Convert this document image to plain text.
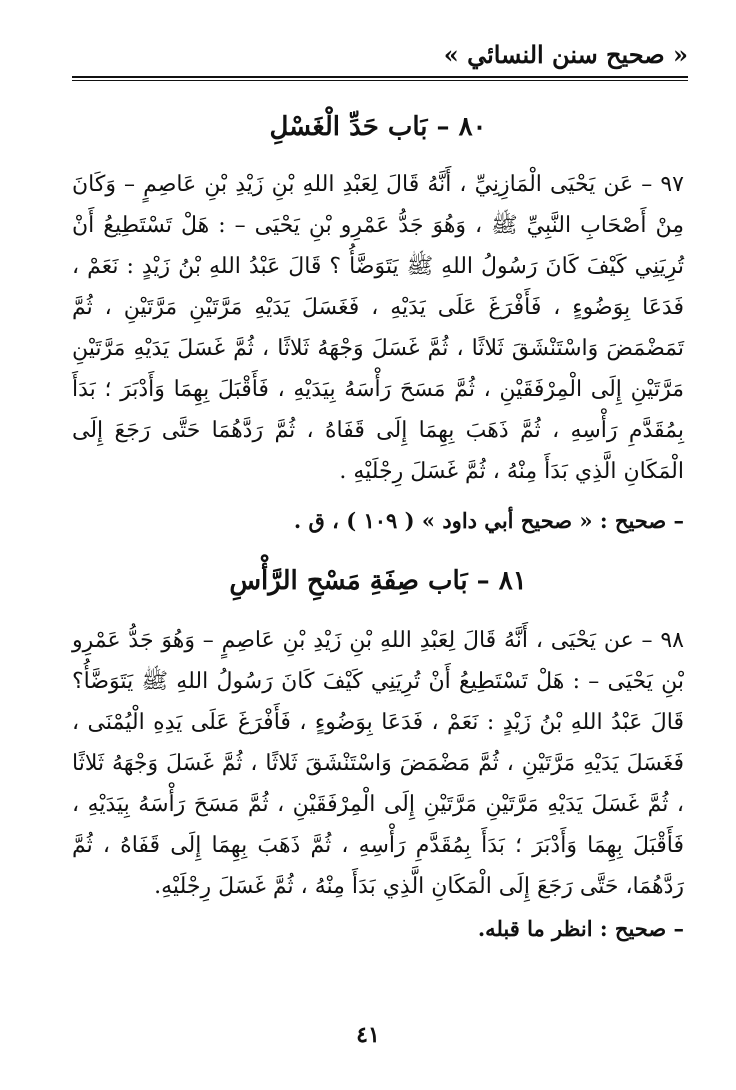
« صحيح سنن النسائي »
٨٠ – بَاب حَدِّ الْغَسْلِ

٩٧ – عَن يَحْيَى الْمَازِنِيِّ ، أَنَّهُ قَالَ لِعَبْدِ اللهِ بْنِ زَيْدِ بْنِ عَاصِمٍ – وَكَانَ مِنْ أَصْحَابِ النَّبِيِّ ﷺ ، وَهُوَ جَدُّ عَمْرِو بْنِ يَحْيَى – : هَلْ تَسْتَطِيعُ أَنْ تُرِيَنِي كَيْفَ كَانَ رَسُولُ اللهِ ﷺ يَتَوَضَّأُ ؟ قَالَ عَبْدُ اللهِ بْنُ زَيْدٍ : نَعَمْ ، فَدَعَا بِوَضُوءٍ ، فَأَفْرَغَ عَلَى يَدَيْهِ ، فَغَسَلَ يَدَيْهِ مَرَّتَيْنِ مَرَّتَيْنِ ، ثُمَّ تَمَضْمَضَ وَاسْتَنْشَقَ ثَلاثًا ، ثُمَّ غَسَلَ وَجْهَهُ ثَلاثًا ، ثُمَّ غَسَلَ يَدَيْهِ مَرَّتَيْنِ مَرَّتَيْنِ إِلَى الْمِرْفَقَيْنِ ، ثُمَّ مَسَحَ رَأْسَهُ بِيَدَيْهِ ، فَأَقْبَلَ بِهِمَا وَأَدْبَرَ ؛ بَدَأَ بِمُقَدَّمِ رَأْسِهِ ، ثُمَّ ذَهَبَ بِهِمَا إِلَى قَفَاهُ ، ثُمَّ رَدَّهُمَا حَتَّى رَجَعَ إِلَى الْمَكَانِ الَّذِي بَدَأَ مِنْهُ ، ثُمَّ غَسَلَ رِجْلَيْهِ .

– صحيح : « صحيح أبي داود » ( ١٠٩ ) ، ق .
٨١ – بَاب صِفَةِ مَسْحِ الرَّأْسِ

٩٨ – عن يَحْيَى ، أَنَّهُ قَالَ لِعَبْدِ اللهِ بْنِ زَيْدِ بْنِ عَاصِمٍ – وَهُوَ جَدُّ عَمْرِو بْنِ يَحْيَى – : هَلْ تَسْتَطِيعُ أَنْ تُرِيَنِي كَيْفَ كَانَ رَسُولُ اللهِ ﷺ يَتَوَضَّأُ؟ قَالَ عَبْدُ اللهِ بْنُ زَيْدٍ : نَعَمْ ، فَدَعَا بِوَضُوءٍ ، فَأَفْرَغَ عَلَى يَدِهِ الْيُمْنَى ، فَغَسَلَ يَدَيْهِ مَرَّتَيْنِ ، ثُمَّ مَضْمَضَ وَاسْتَنْشَقَ ثَلاثًا ، ثُمَّ غَسَلَ وَجْهَهُ ثَلاثًا ، ثُمَّ غَسَلَ يَدَيْهِ مَرَّتَيْنِ مَرَّتَيْنِ إِلَى الْمِرْفَقَيْنِ ، ثُمَّ مَسَحَ رَأْسَهُ بِيَدَيْهِ ، فَأَقْبَلَ بِهِمَا وَأَدْبَرَ ؛ بَدَأَ بِمُقَدَّمِ رَأْسِهِ ، ثُمَّ ذَهَبَ بِهِمَا إِلَى قَفَاهُ ، ثُمَّ رَدَّهُمَا، حَتَّى رَجَعَ إِلَى الْمَكَانِ الَّذِي بَدَأَ مِنْهُ ، ثُمَّ غَسَلَ رِجْلَيْهِ.

– صحيح : انظر ما قبله.
٤١
